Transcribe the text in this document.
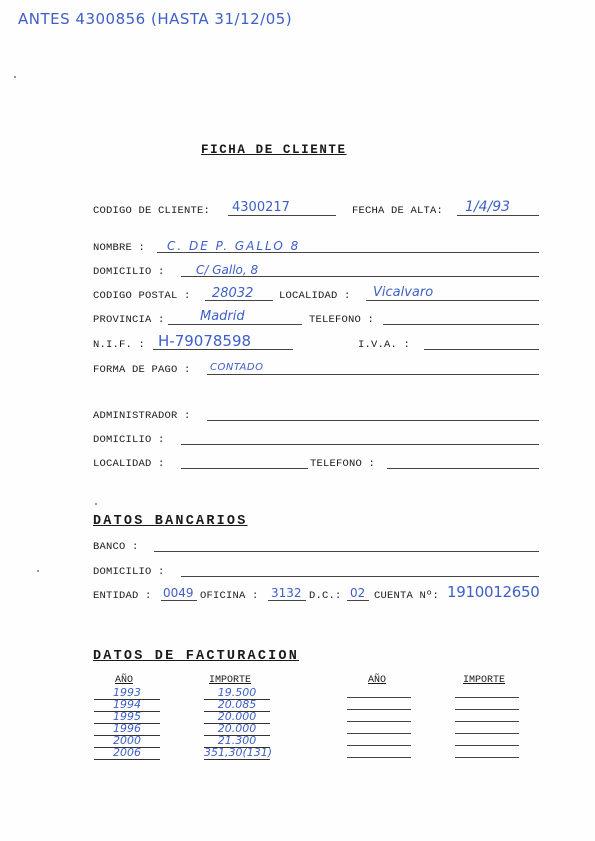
ANTES 4300856 (HASTA 31/12/05)
FICHA DE CLIENTE
CODIGO DE CLIENTE: 4300217	FECHA DE ALTA: 1/4/93
NOMBRE : C. DE P. GALLO 8
DOMICILIO :	C/ Gallo, 8
CODIGO POSTAL : 28032 LOCALIDAD : Vicalvaro
PROVINCIA :	Madrid	TELEFONO :
N.I.F. : H-79078598	I.V.A. :
FORMA DE PAGO : CONTADO
ADMINISTRADOR :
DOMICILIO :
LOCALIDAD :	TELEFONO :
DATOS BANCARIOS
BANCO :
DOMICILIO :
ENTIDAD : 0049 OFICINA : 3132 D.C.: 02 CUENTA Nº: 1910012650
DATOS DE FACTURACION
AÑO	IMPORTE	AÑO	IMPORTE
1993	19.500
1994	20.085
1995	20.000
1996	20.000
2000	21.300
2006	351,30(131)
